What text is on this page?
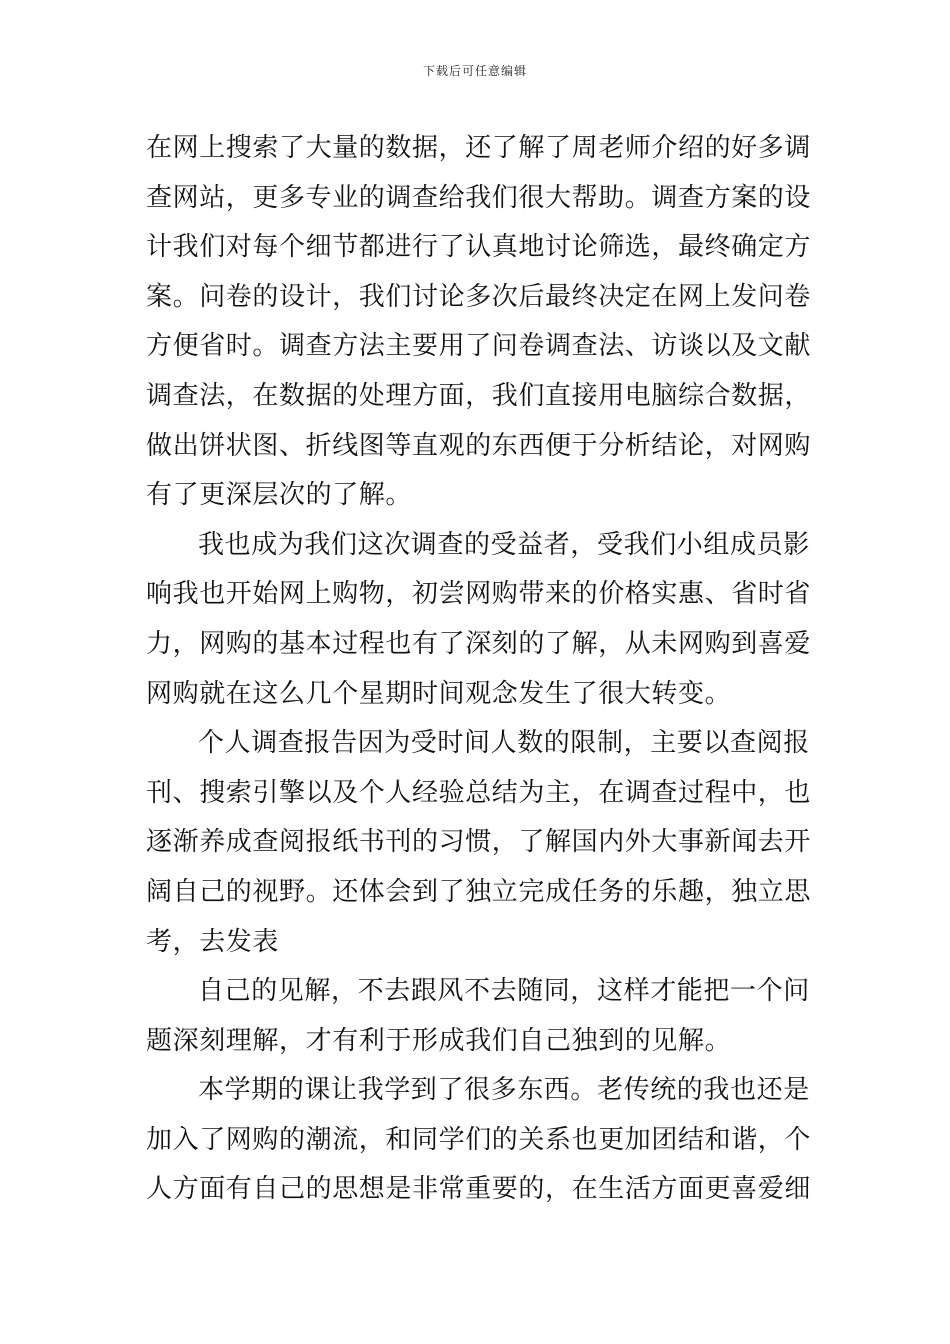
下载后可任意编辑
在网上搜索了大量的数据，还了解了周老师介绍的好多调
查网站，更多专业的调查给我们很大帮助。调查方案的设
计我们对每个细节都进行了认真地讨论筛选，最终确定方
案。问卷的设计，我们讨论多次后最终决定在网上发问卷
方便省时。调查方法主要用了问卷调查法、访谈以及文献
调查法，在数据的处理方面，我们直接用电脑综合数据，
做出饼状图、折线图等直观的东西便于分析结论，对网购
有了更深层次的了解。
我也成为我们这次调查的受益者，受我们小组成员影
响我也开始网上购物，初尝网购带来的价格实惠、省时省
力，网购的基本过程也有了深刻的了解，从未网购到喜爱
网购就在这么几个星期时间观念发生了很大转变。
个人调查报告因为受时间人数的限制，主要以查阅报
刊、搜索引擎以及个人经验总结为主，在调查过程中，也
逐渐养成查阅报纸书刊的习惯，了解国内外大事新闻去开
阔自己的视野。还体会到了独立完成任务的乐趣，独立思
考，去发表
自己的见解，不去跟风不去随同，这样才能把一个问
题深刻理解，才有利于形成我们自己独到的见解。
本学期的课让我学到了很多东西。老传统的我也还是
加入了网购的潮流，和同学们的关系也更加团结和谐，个
人方面有自己的思想是非常重要的，在生活方面更喜爱细
